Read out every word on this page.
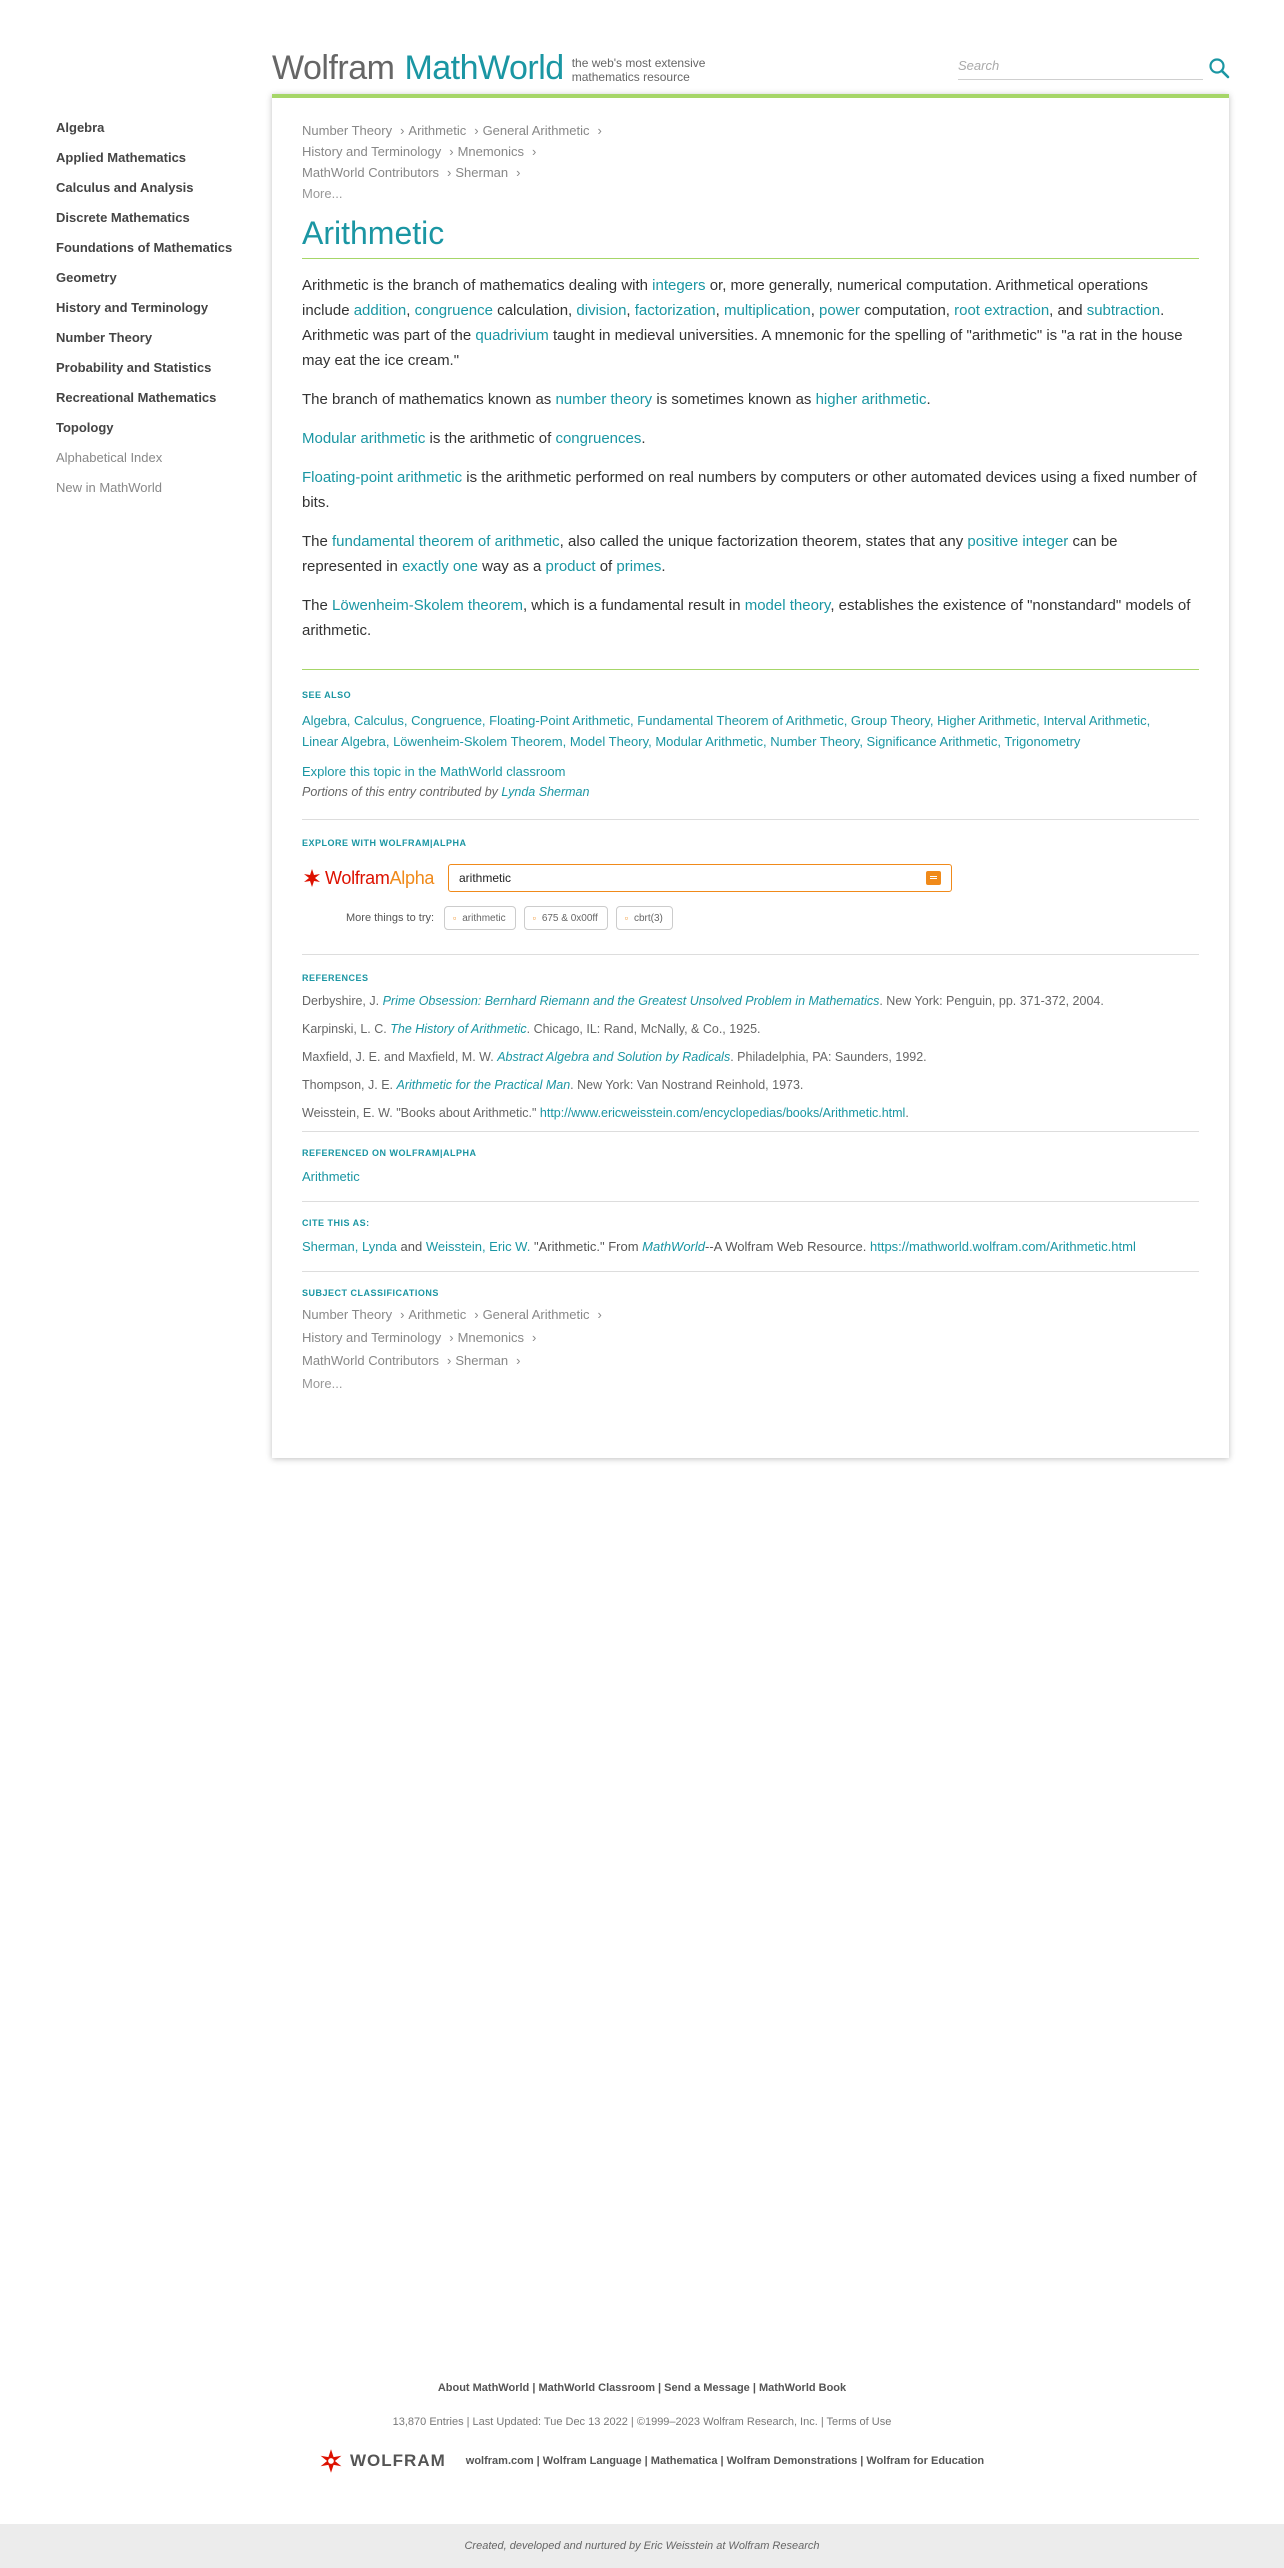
Wolfram MathWorld the web's most extensive mathematics resource
Search
Algebra
Applied Mathematics
Calculus and Analysis
Discrete Mathematics
Foundations of Mathematics
Geometry
History and Terminology
Number Theory
Probability and Statistics
Recreational Mathematics
Topology
Alphabetical Index
New in MathWorld
Number Theory › Arithmetic › General Arithmetic ›
History and Terminology › Mnemonics ›
MathWorld Contributors › Sherman ›
More...
Arithmetic
Arithmetic is the branch of mathematics dealing with integers or, more generally, numerical computation. Arithmetical operations include addition, congruence calculation, division, factorization, multiplication, power computation, root extraction, and subtraction. Arithmetic was part of the quadrivium taught in medieval universities. A mnemonic for the spelling of "arithmetic" is "a rat in the house may eat the ice cream."
The branch of mathematics known as number theory is sometimes known as higher arithmetic.
Modular arithmetic is the arithmetic of congruences.
Floating-point arithmetic is the arithmetic performed on real numbers by computers or other automated devices using a fixed number of bits.
The fundamental theorem of arithmetic, also called the unique factorization theorem, states that any positive integer can be represented in exactly one way as a product of primes.
The Löwenheim-Skolem theorem, which is a fundamental result in model theory, establishes the existence of "nonstandard" models of arithmetic.
SEE ALSO
Algebra, Calculus, Congruence, Floating-Point Arithmetic, Fundamental Theorem of Arithmetic, Group Theory, Higher Arithmetic, Interval Arithmetic,
Linear Algebra, Löwenheim-Skolem Theorem, Model Theory, Modular Arithmetic, Number Theory, Significance Arithmetic, Trigonometry
Explore this topic in the MathWorld classroom
Portions of this entry contributed by Lynda Sherman
EXPLORE WITH WOLFRAM|ALPHA
WolframAlpha	arithmetic
More things to try:	▫ arithmetic	▫ 675 & 0x00ff	▫ cbrt(3)
REFERENCES
Derbyshire, J. Prime Obsession: Bernhard Riemann and the Greatest Unsolved Problem in Mathematics. New York: Penguin, pp. 371-372, 2004.
Karpinski, L. C. The History of Arithmetic. Chicago, IL: Rand, McNally, & Co., 1925.
Maxfield, J. E. and Maxfield, M. W. Abstract Algebra and Solution by Radicals. Philadelphia, PA: Saunders, 1992.
Thompson, J. E. Arithmetic for the Practical Man. New York: Van Nostrand Reinhold, 1973.
Weisstein, E. W. "Books about Arithmetic." http://www.ericweisstein.com/encyclopedias/books/Arithmetic.html.
REFERENCED ON WOLFRAM|ALPHA
Arithmetic
CITE THIS AS:
Sherman, Lynda and Weisstein, Eric W. "Arithmetic." From MathWorld--A Wolfram Web Resource. https://mathworld.wolfram.com/Arithmetic.html
SUBJECT CLASSIFICATIONS
Number Theory › Arithmetic › General Arithmetic ›
History and Terminology › Mnemonics ›
MathWorld Contributors › Sherman ›
More...
About MathWorld | MathWorld Classroom | Send a Message | MathWorld Book
13,870 Entries | Last Updated: Tue Dec 13 2022 | ©1999–2023 Wolfram Research, Inc. | Terms of Use
WOLFRAM wolfram.com | Wolfram Language | Mathematica | Wolfram Demonstrations | Wolfram for Education
Created, developed and nurtured by Eric Weisstein at Wolfram Research
